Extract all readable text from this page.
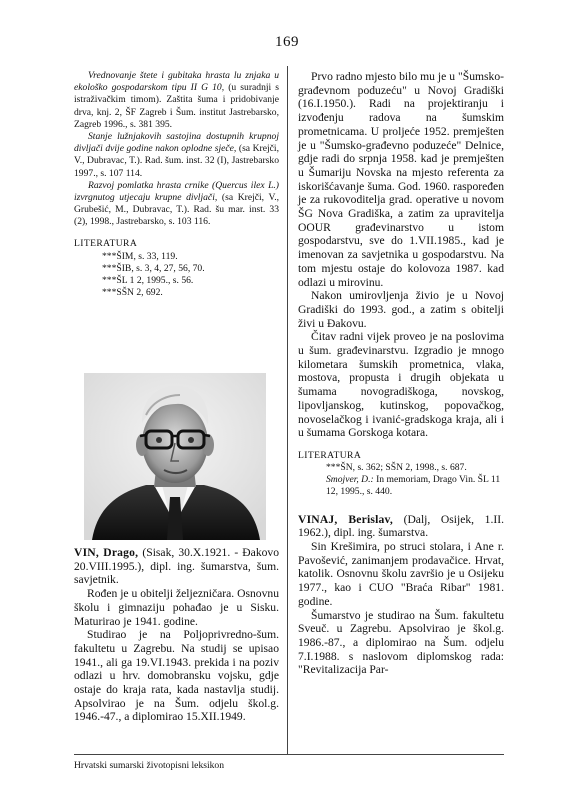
169

Vrednovanje štete i gubitaka hrasta lu znjaka u ekološko gospodarskom tipu II G 10, (u suradnji s istraživačkim timom). Zaštita šuma i pridobivanje drva, knj. 2, ŠF Zagreb i Šum. institut Jastrebarsko, Zagreb 1996., s. 381 395.

Stanje lužnjakovih sastojina dostupnih krupnoj divljači dvije godine nakon oplodne sječe, (sa Krejči, V., Dubravac, T.). Rad. šum. inst. 32 (I), Jastrebarsko 1997., s. 107 114.

Razvoj pomlatka hrasta crnike (Quercus ilex L.) izvrgnutog utjecaju krupne divljači, (sa Krejči, V., Grubešić, M., Dubravac, T.). Rad. šu mar. inst. 33 (2), 1998., Jastrebarsko, s. 103 116.

LITERATURA
***ŠIM, s. 33, 119.
***ŠIB, s. 3, 4, 27, 56, 70.
***ŠL 1 2, 1995., s. 56.
***SŠN 2, 692.

VIN, Drago, (Sisak, 30.X.1921. - Đakovo 20.VIII.1995.), dipl. ing. šumarstva, šum. savjetnik.

Rođen je u obitelji željezničara. Osnovnu školu i gimnaziju pohađao je u Sisku. Maturirao je 1941. godine.

Studirao je na Poljoprivredno-šum. fakultetu u Zagrebu. Na studij se upisao 1941., ali ga 19.VI.1943. prekida i na poziv odlazi u hrv. domobransku vojsku, gdje ostaje do kraja rata, kada nastavlja studij. Apsolvirao je na Šum. odjelu škol.g. 1946.-47., a diplomirao 15.XII.1949.

Prvo radno mjesto bilo mu je u "Šumsko-građevnom poduzeću" u Novoj Gradiški (16.I.1950.). Radi na projektiranju i izvođenju radova na šumskim prometnicama. U proljeće 1952. premješten je u "Šumsko-građevno poduzeće" Delnice, gdje radi do srpnja 1958. kad je premješten u Šumariju Novska na mjesto referenta za iskorišćavanje šuma. God. 1960. raspoređen je za rukovoditelja grad. operative u novom ŠG Nova Gradiška, a zatim za upravitelja OOUR građevinarstvo u istom gospodarstvu, sve do 1.VII.1985., kad je imenovan za savjetnika u gospodarstvu. Na tom mjestu ostaje do kolovoza 1987. kad odlazi u mirovinu.

Nakon umirovljenja živio je u Novoj Gradiški do 1993. god., a zatim s obitelji živi u Đakovu.

Čitav radni vijek proveo je na poslovima u šum. građevinarstvu. Izgradio je mnogo kilometara šumskih prometnica, vlaka, mostova, propusta i drugih objekata u šumama novogradiškoga, novskog, lipovljanskog, kutinskog, popovačkog, novoselačkog i ivanić-gradskoga kraja, ali i u šumama Gorskoga kotara.

LITERATURA
***ŠN, s. 362; SŠN 2, 1998., s. 687.
Smojver, D.: In memoriam, Drago Vin. ŠL 11 12, 1995., s. 440.

VINAJ, Berislav, (Dalj, Osijek, 1.II. 1962.), dipl. ing. šumarstva.

Sin Krešimira, po struci stolara, i Ane r. Pavošević, zanimanjem prodavačice. Hrvat, katolik. Osnovnu školu završio je u Osijeku 1977., kao i CUO "Braća Ribar" 1981. godine.

Šumarstvo je studirao na Šum. fakultetu Sveuč. u Zagrebu. Apsolvirao je škol.g. 1986.-87., a diplomirao na Šum. odjelu 7.I.1988. s naslovom diplomskog rada: "Revitalizacija Par-

Hrvatski sumarski životopisni leksikon
